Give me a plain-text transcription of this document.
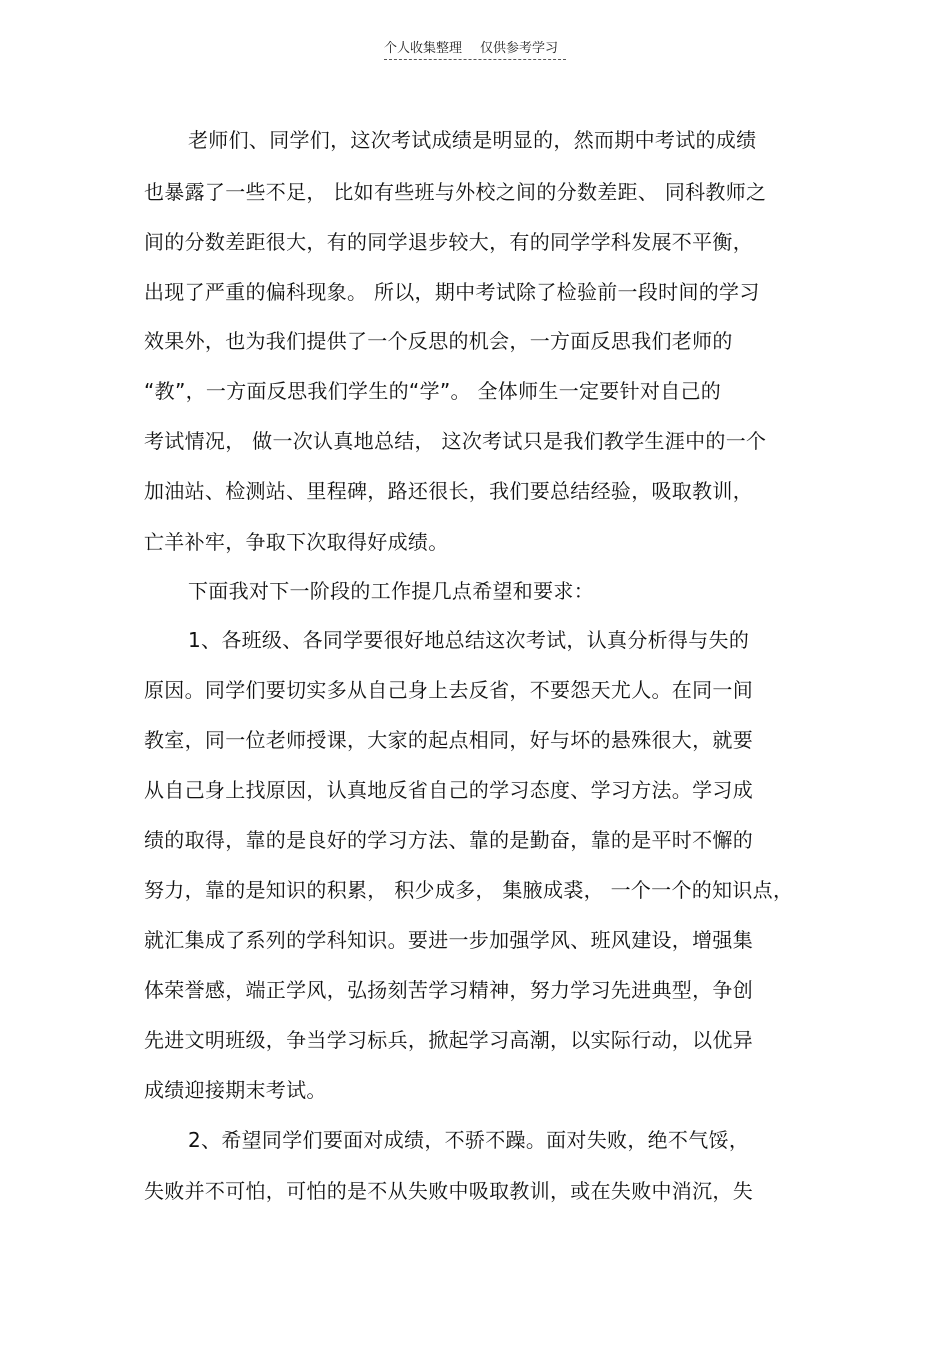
个人收集整理 仅供参考学习
老师们、同学们，这次考试成绩是明显的，然而期中考试的成绩
也暴露了一些不足， 比如有些班与外校之间的分数差距、 同科教师之
间的分数差距很大，有的同学退步较大，有的同学学科发展不平衡，
出现了严重的偏科现象。 所以，期中考试除了检验前一段时间的学习
效果外，也为我们提供了一个反思的机会，一方面反思我们老师的
“教”，一方面反思我们学生的“学”。 全体师生一定要针对自己的
考试情况， 做一次认真地总结， 这次考试只是我们教学生涯中的一个
加油站、检测站、里程碑，路还很长，我们要总结经验，吸取教训，
亡羊补牢，争取下次取得好成绩。
下面我对下一阶段的工作提几点希望和要求：
1、各班级、各同学要很好地总结这次考试，认真分析得与失的
原因。同学们要切实多从自己身上去反省，不要怨天尤人。在同一间
教室，同一位老师授课，大家的起点相同，好与坏的悬殊很大，就要
从自己身上找原因，认真地反省自己的学习态度、学习方法。学习成
绩的取得，靠的是良好的学习方法、靠的是勤奋，靠的是平时不懈的
努力，靠的是知识的积累， 积少成多， 集腋成裘， 一个一个的知识点，
就汇集成了系列的学科知识。要进一步加强学风、班风建设，增强集
体荣誉感，端正学风，弘扬刻苦学习精神，努力学习先进典型，争创
先进文明班级，争当学习标兵，掀起学习高潮，以实际行动，以优异
成绩迎接期末考试。
2、希望同学们要面对成绩，不骄不躁。面对失败，绝不气馁，
失败并不可怕，可怕的是不从失败中吸取教训，或在失败中消沉，失
